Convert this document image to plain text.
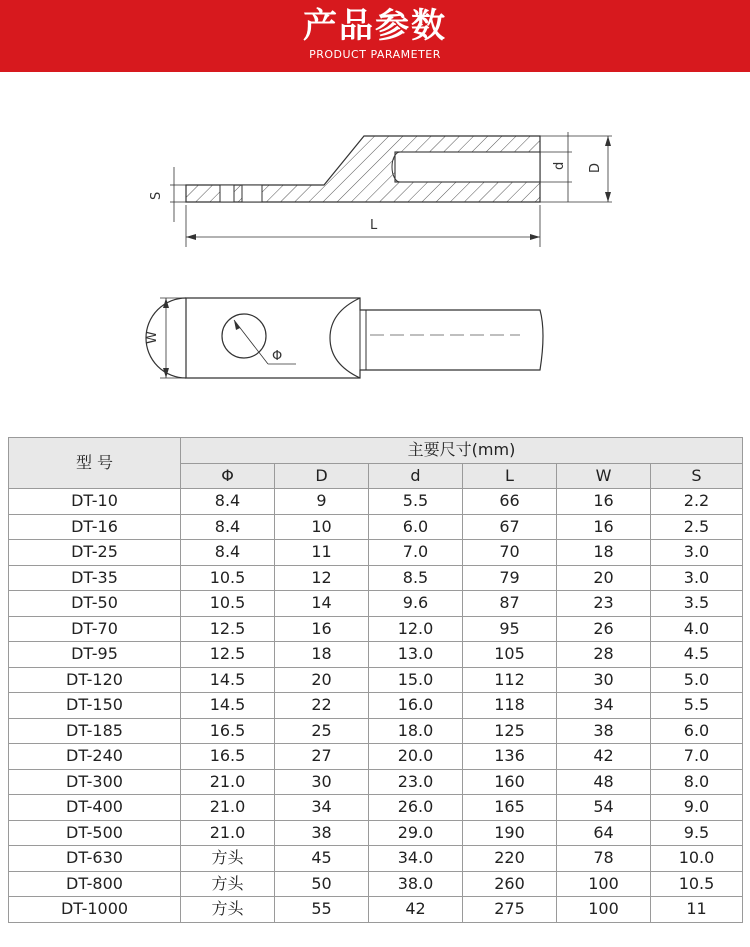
产品参数
PRODUCT PARAMETER
S
L
d D
W
Φ
型 号	主要尺寸(mm)					
	Φ	D	d	L	W	S
DT-10	8.4	9	5.5	66	16	2.2
DT-16	8.4	10	6.0	67	16	2.5
DT-25	8.4	11	7.0	70	18	3.0
DT-35	10.5	12	8.5	79	20	3.0
DT-50	10.5	14	9.6	87	23	3.5
DT-70	12.5	16	12.0	95	26	4.0
DT-95	12.5	18	13.0	105	28	4.5
DT-120	14.5	20	15.0	112	30	5.0
DT-150	14.5	22	16.0	118	34	5.5
DT-185	16.5	25	18.0	125	38	6.0
DT-240	16.5	27	20.0	136	42	7.0
DT-300	21.0	30	23.0	160	48	8.0
DT-400	21.0	34	26.0	165	54	9.0
DT-500	21.0	38	29.0	190	64	9.5
DT-630	方头	45	34.0	220	78	10.0
DT-800	方头	50	38.0	260	100	10.5
DT-1000	方头	55	42	275	100	11
